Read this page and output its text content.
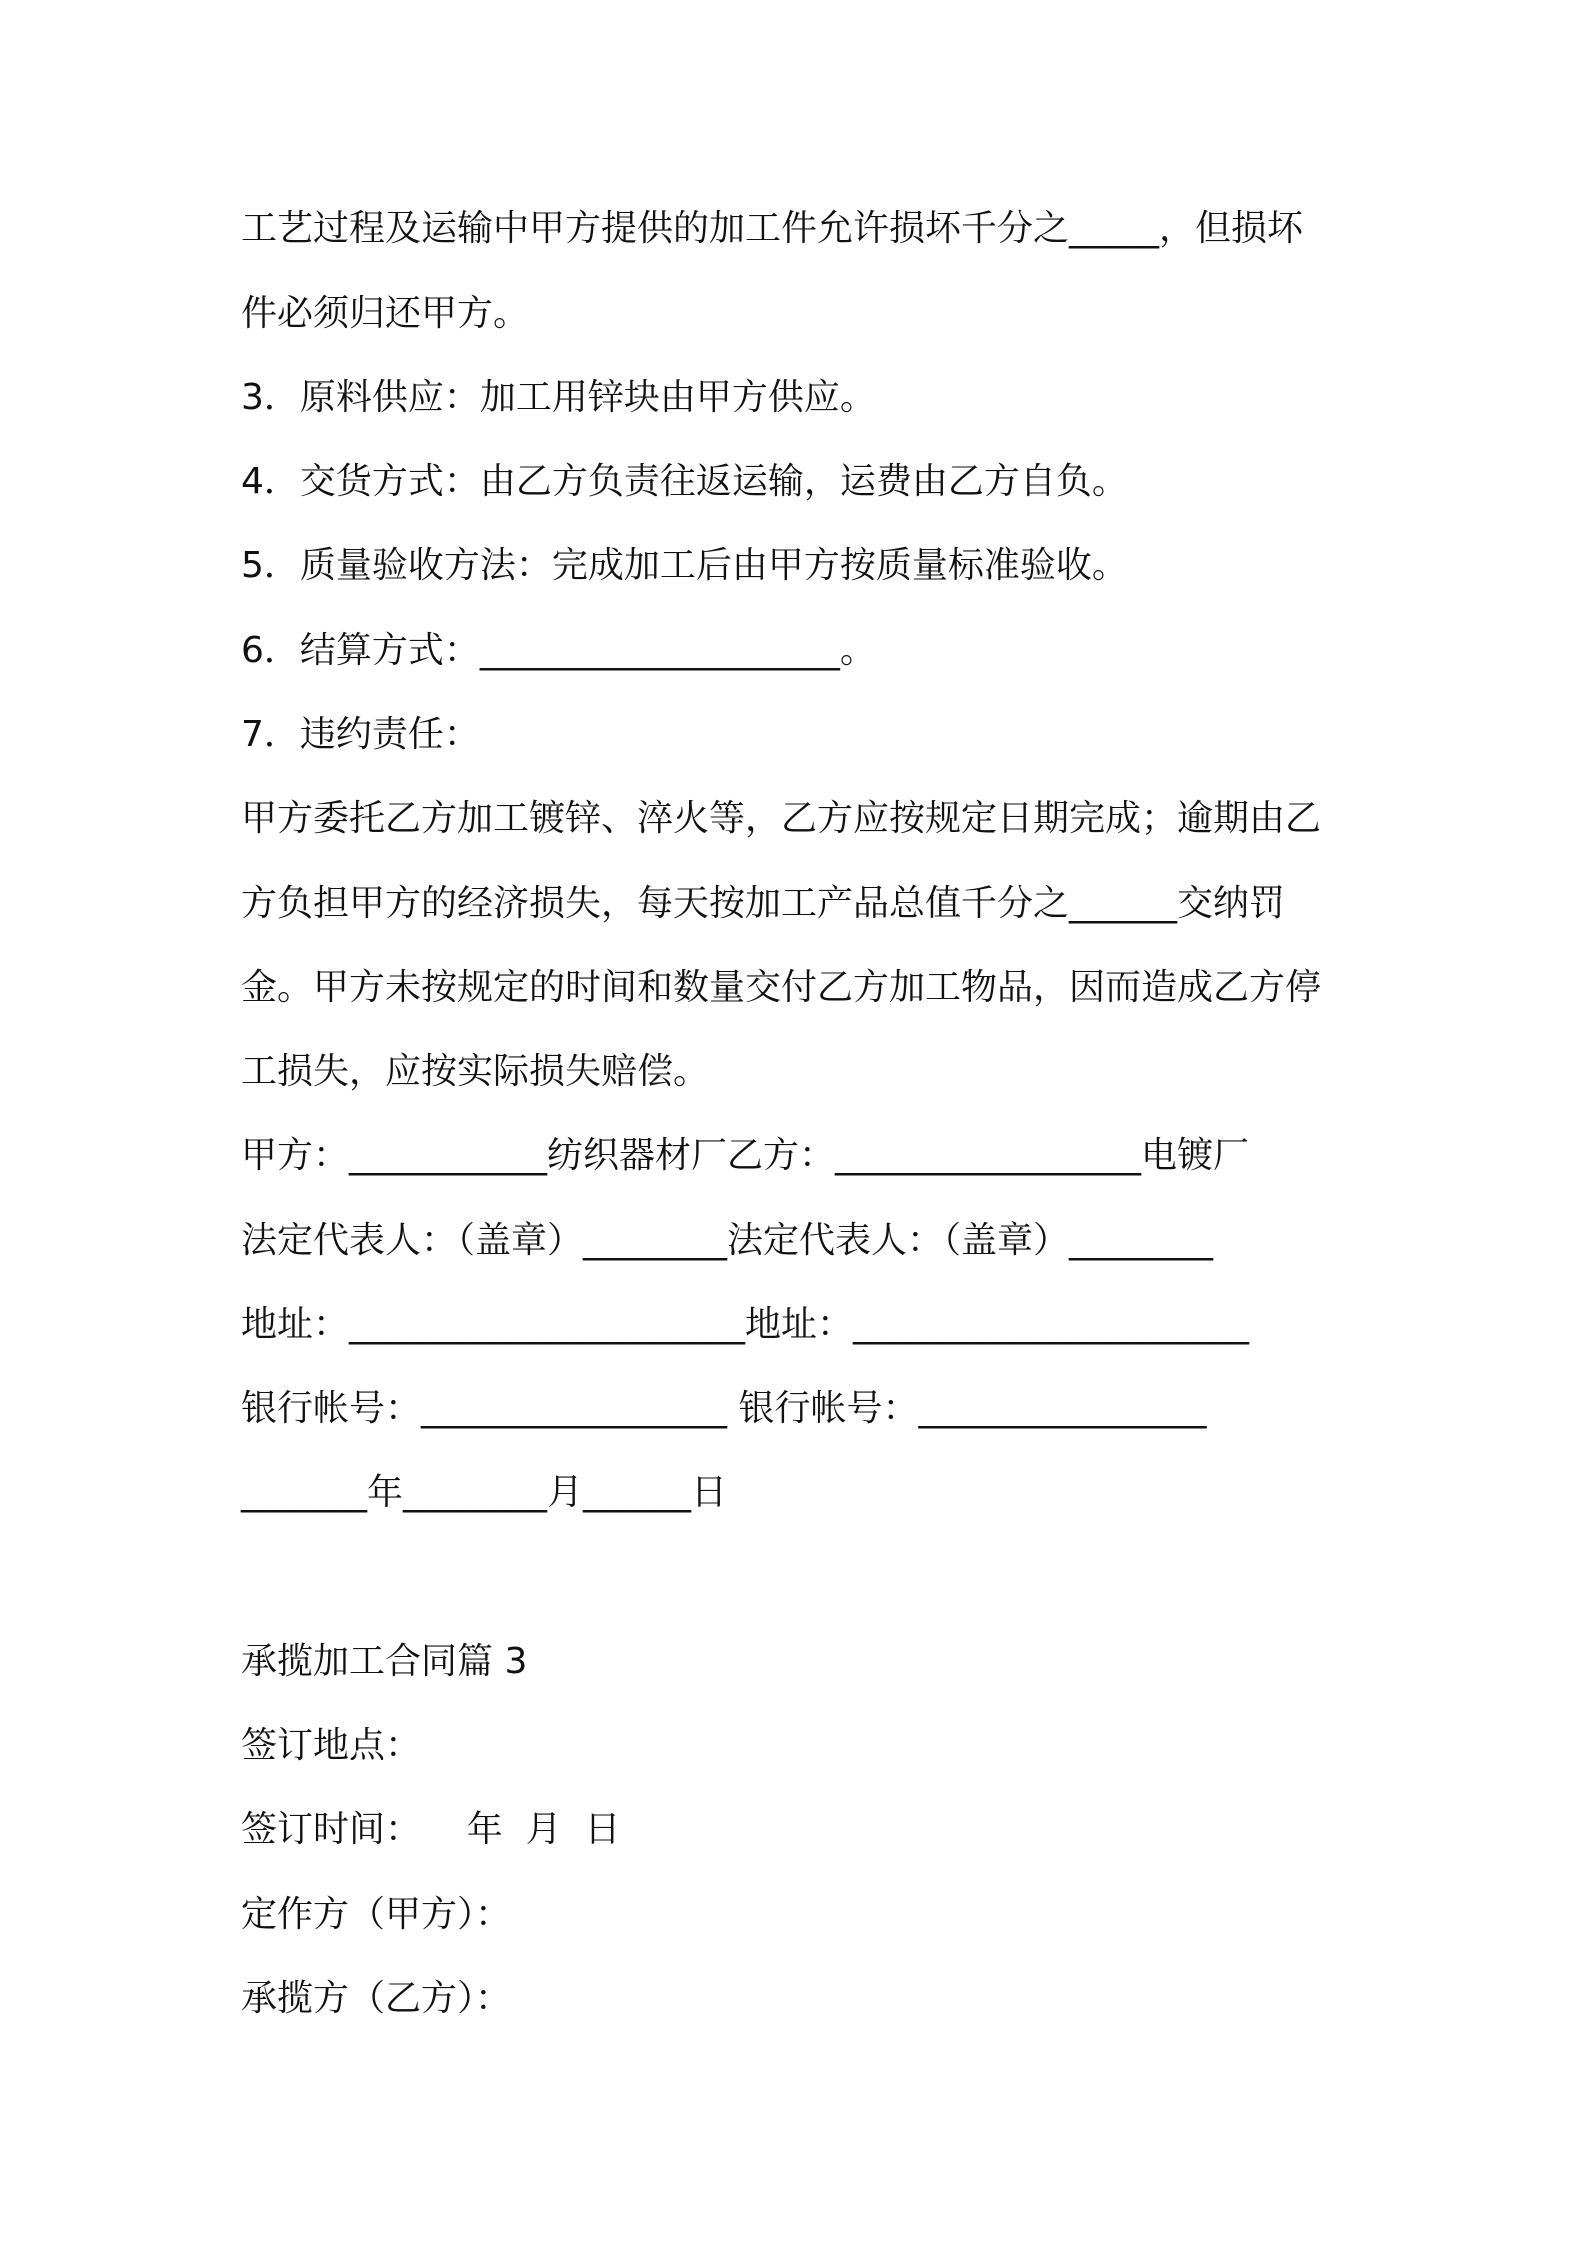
工艺过程及运输中甲方提供的加工件允许损坏千分之_____，但损坏
件必须归还甲方。
3．原料供应：加工用锌块由甲方供应。
4．交货方式：由乙方负责往返运输，运费由乙方自负。
5．质量验收方法：完成加工后由甲方按质量标准验收。
6．结算方式：____________________。
7．违约责任：
甲方委托乙方加工镀锌、淬火等，乙方应按规定日期完成；逾期由乙
方负担甲方的经济损失，每天按加工产品总值千分之______交纳罚
金。甲方未按规定的时间和数量交付乙方加工物品，因而造成乙方停
工损失，应按实际损失赔偿。
甲方：___________纺织器材厂乙方：_________________电镀厂
法定代表人：（盖章）________法定代表人：（盖章）________
地址：______________________地址：______________________
银行帐号：_________________ 银行帐号：________________
_______年________月______日
承揽加工合同篇 3
签订地点：
签订时间：    年  月  日
定作方（甲方）：
承揽方（乙方）：
